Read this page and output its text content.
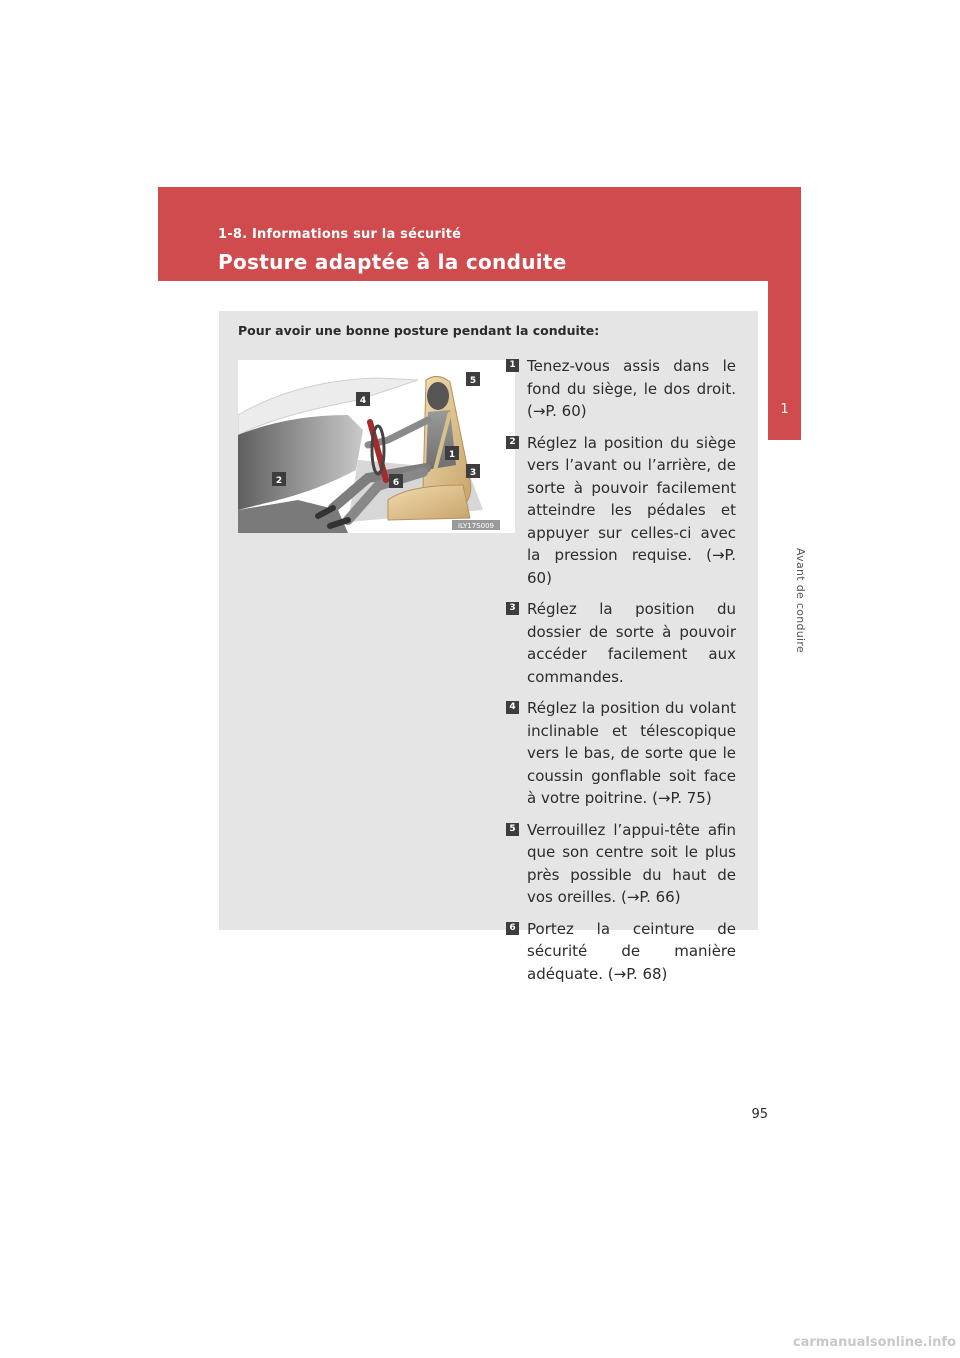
1-8. Informations sur la sécurité
Posture adaptée à la conduite
1
Avant de conduire
Pour avoir une bonne posture pendant la conduite:
5
4
1
3
2	6
ILY17S009
1 Tenez-vous assis dans le fond du siège, le dos droit. (→P. 60)
2 Réglez la position du siège vers l’avant ou l’arrière, de sorte à pouvoir facilement atteindre les pédales et appuyer sur celles-ci avec la pression requise. (→P. 60)
3 Réglez la position du dossier de sorte à pouvoir accéder facilement aux commandes.
4 Réglez la position du volant inclinable et télescopique vers le bas, de sorte que le coussin gonflable soit face à votre poitrine. (→P. 75)
5 Verrouillez l’appui-tête afin que son centre soit le plus près possible du haut de vos oreilles. (→P. 66)
6 Portez la ceinture de sécurité de manière adéquate. (→P. 68)
95
carmanualsonline.info
